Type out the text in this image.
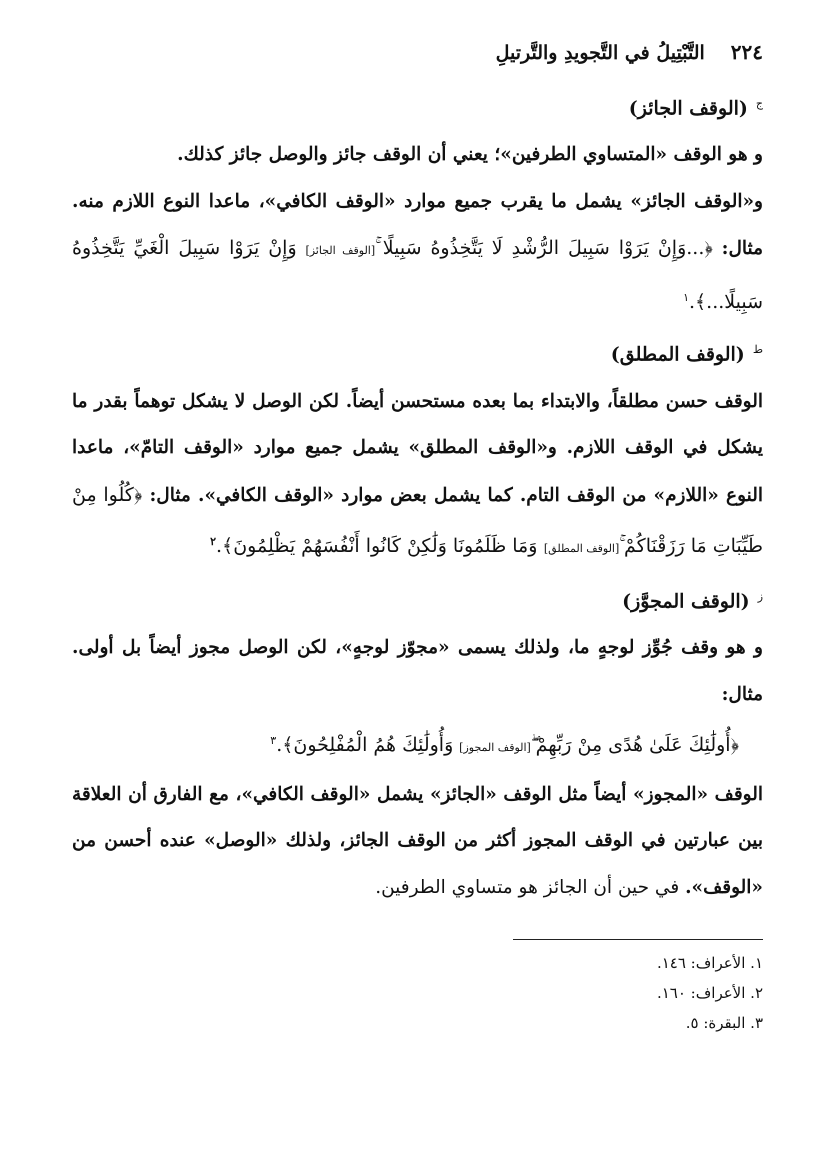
٢٢٤
التَّبْتِيلُ في التَّجويدِ والتَّرتيلِ

$^ج$(الوقف الجائز)

و هو الوقف «المتساوي الطرفين»؛ يعني أن الوقف جائز والوصل جائز كذلك.

و«الوقف الجائز» يشمل ما يقرب جميع موارد «الوقف الكافي»، ماعدا النوع اللازم منه. مثال: ﴿...وَإِنْ يَرَوْا سَبِيلَ الرُّشْدِ لَا يَتَّخِذُوهُ سَبِيلًا ۚ[الوقف الجائز] وَإِنْ يَرَوْا سَبِيلَ الْغَيِّ يَتَّخِذُوهُ سَبِيلًا...﴾.$^١$

$^ط$(الوقف المطلق)

الوقف حسن مطلقاً، والابتداء بما بعده مستحسن أيضاً. لكن الوصل لا يشكل توهماً بقدر ما يشكل في الوقف اللازم. و«الوقف المطلق» يشمل جميع موارد «الوقف التامّ»، ماعدا النوع «اللازم» من الوقف التام. كما يشمل بعض موارد «الوقف الكافي». مثال: ﴿كُلُوا مِنْ طَيِّبَاتِ مَا رَزَقْنَاكُمْ ۚ[الوقف المطلق] وَمَا ظَلَمُونَا وَلَٰكِنْ كَانُوا أَنْفُسَهُمْ يَظْلِمُونَ﴾.$^٢$

$^ز$(الوقف المجوَّز)

و هو وقف جُوِّز لوجهٍ ما، ولذلك يسمى «مجوّز لوجهٍ»، لكن الوصل مجوز أيضاً بل أولى. مثال:

﴿أُولَٰئِكَ عَلَىٰ هُدًى مِنْ رَبِّهِمْ ۖ[الوقف المجوز] وَأُولَٰئِكَ هُمُ الْمُفْلِحُونَ﴾.$^٣$

الوقف «المجوز» أيضاً مثل الوقف «الجائز» يشمل «الوقف الكافي»، مع الفارق أن العلاقة بين عبارتين في الوقف المجوز أكثر من الوقف الجائز، ولذلك «الوصل» عنده أحسن من «الوقف». في حين أن الجائز هو متساوي الطرفين.

١. الأعراف: ١٤٦.

٢. الأعراف: ١٦٠.

٣. البقرة: ٥.
